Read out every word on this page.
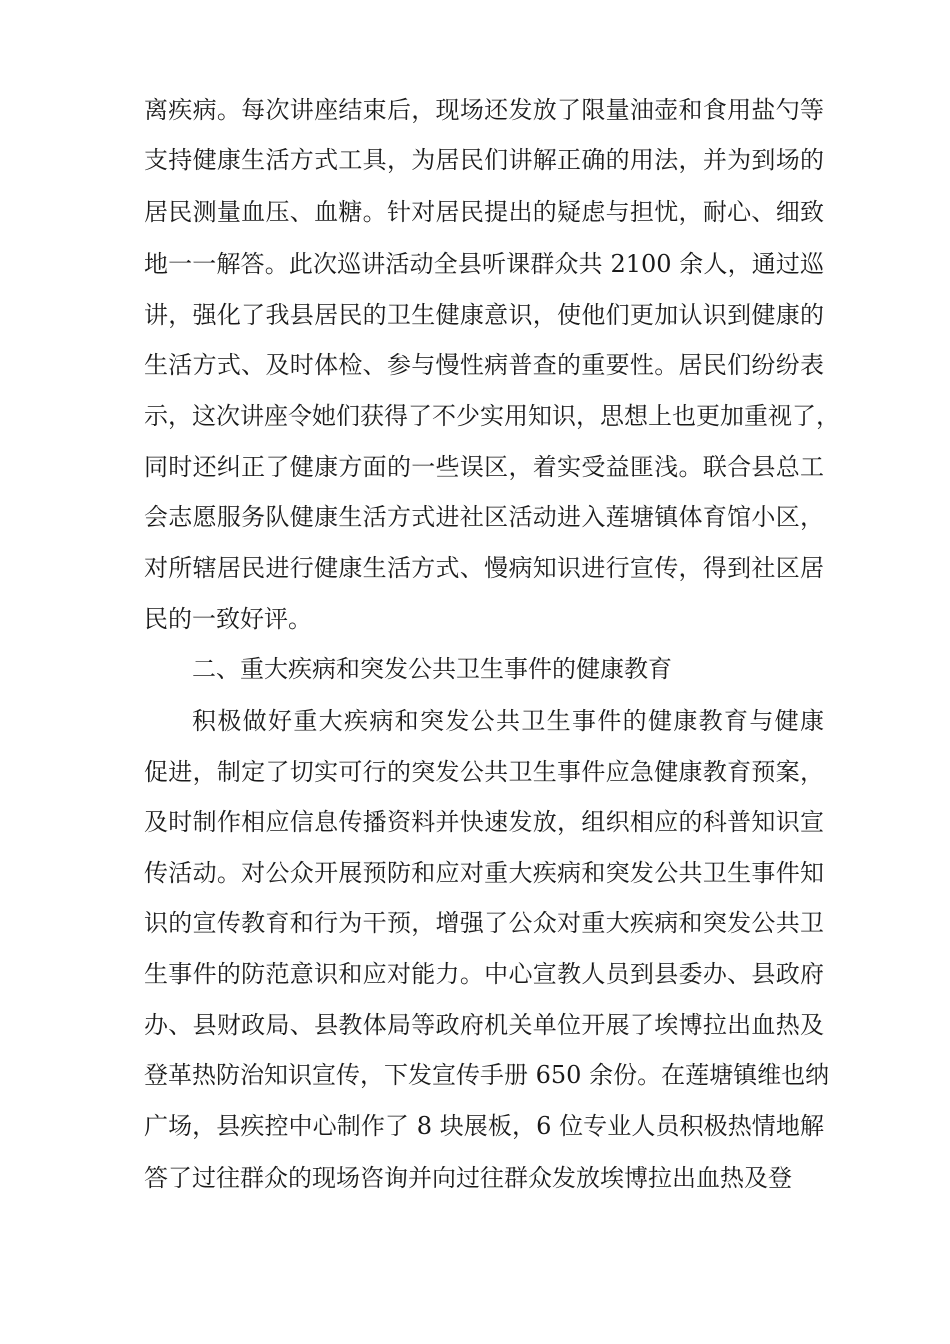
离疾病。每次讲座结束后，现场还发放了限量油壶和食用盐勺等
支持健康生活方式工具，为居民们讲解正确的用法，并为到场的
居民测量血压、血糖。针对居民提出的疑虑与担忧，耐心、细致
地一一解答。此次巡讲活动全县听课群众共 2100 余人，通过巡
讲，强化了我县居民的卫生健康意识，使他们更加认识到健康的
生活方式、及时体检、参与慢性病普查的重要性。居民们纷纷表
示，这次讲座令她们获得了不少实用知识，思想上也更加重视了，
同时还纠正了健康方面的一些误区，着实受益匪浅。联合县总工
会志愿服务队健康生活方式进社区活动进入莲塘镇体育馆小区，
对所辖居民进行健康生活方式、慢病知识进行宣传，得到社区居
民的一致好评。
二、重大疾病和突发公共卫生事件的健康教育
积极做好重大疾病和突发公共卫生事件的健康教育与健康
促进，制定了切实可行的突发公共卫生事件应急健康教育预案，
及时制作相应信息传播资料并快速发放，组织相应的科普知识宣
传活动。对公众开展预防和应对重大疾病和突发公共卫生事件知
识的宣传教育和行为干预，增强了公众对重大疾病和突发公共卫
生事件的防范意识和应对能力。中心宣教人员到县委办、县政府
办、县财政局、县教体局等政府机关单位开展了埃博拉出血热及
登革热防治知识宣传，下发宣传手册 650 余份。在莲塘镇维也纳
广场，县疾控中心制作了 8 块展板，6 位专业人员积极热情地解
答了过往群众的现场咨询并向过往群众发放埃博拉出血热及登
